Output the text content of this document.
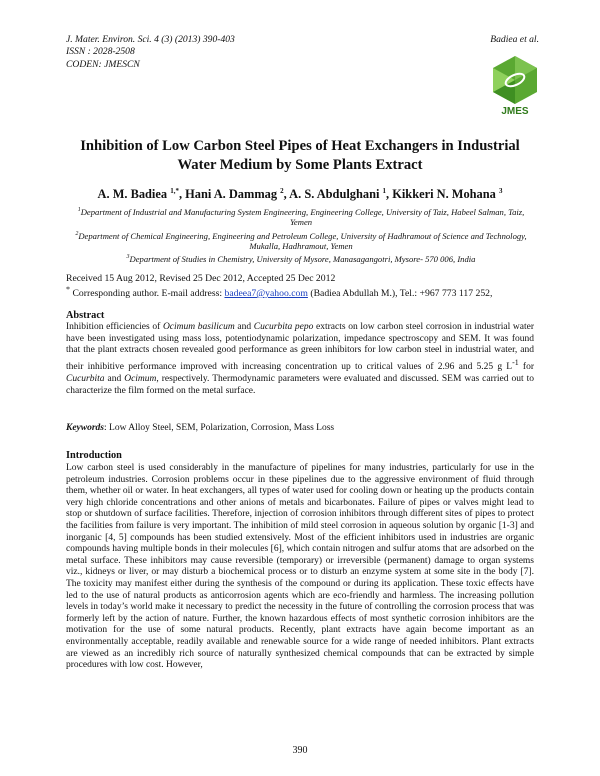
J. Mater. Environ. Sci. 4 (3) (2013) 390-403
ISSN : 2028-2508
CODEN: JMESCN
Badiea et al.
JMES
Inhibition of Low Carbon Steel Pipes of Heat Exchangers in Industrial
Water Medium by Some Plants Extract
A. M. Badiea $^{1,*}$, Hani A. Dammag $^2$, A. S. Abdulghani $^1$, Kikkeri N. Mohana $^3$

$^1$Department of Industrial and Manufacturing System Engineering, Engineering College, University of Taiz, Habeel Salman, Taiz, Yemen

$^2$Department of Chemical Engineering, Engineering and Petroleum College, University of Hadhramout of Science and Technology, Mukalla, Hadhramout, Yemen

$^3$Department of Studies in Chemistry, University of Mysore, Manasagangotri, Mysore- 570 006, India

Received 15 Aug 2012, Revised 25 Dec 2012, Accepted 25 Dec 2012
* Corresponding author. E-mail address: badeea7@yahoo.com (Badiea Abdullah M.), Tel.: +967 773 117 252,
Abstract
Inhibition efficiencies of Ocimum basilicum and Cucurbita pepo extracts on low carbon steel corrosion in industrial water have been investigated using mass loss, potentiodynamic polarization, impedance spectroscopy and SEM. It was found that the plant extracts chosen revealed good performance as green inhibitors for low carbon steel in industrial water, and their inhibitive performance improved with increasing concentration up to critical values of 2.96 and 5.25 g $L^{-1}$ for Cucurbita and Ocimum, respectively. Thermodynamic parameters were evaluated and discussed. SEM was carried out to characterize the film formed on the metal surface.
Keywords: Low Alloy Steel, SEM, Polarization, Corrosion, Mass Loss
Introduction
Low carbon steel is used considerably in the manufacture of pipelines for many industries, particularly for use in the petroleum industries. Corrosion problems occur in these pipelines due to the aggressive environment of fluid through them, whether oil or water. In heat exchangers, all types of water used for cooling down or heating up the products contain very high chloride concentrations and other anions of metals and bicarbonates. Failure of pipes or valves might lead to stop or shutdown of surface facilities. Therefore, injection of corrosion inhibitors through different sites of pipes to protect the facilities from failure is very important. The inhibition of mild steel corrosion in aqueous solution by organic [1-3] and inorganic [4, 5] compounds has been studied extensively. Most of the efficient inhibitors used in industries are organic compounds having multiple bonds in their molecules [6], which contain nitrogen and sulfur atoms that are adsorbed on the metal surface. These inhibitors may cause reversible (temporary) or irreversible (permanent) damage to organ systems viz., kidneys or liver, or may disturb a biochemical process or to disturb an enzyme system at some site in the body [7]. The toxicity may manifest either during the synthesis of the compound or during its application. These toxic effects have led to the use of natural products as anticorrosion agents which are eco-friendly and harmless. The increasing pollution levels in today’s world make it necessary to predict the necessity in the future of controlling the corrosion process that was formerly left by the action of nature. Further, the known hazardous effects of most synthetic corrosion inhibitors are the motivation for the use of some natural products. Recently, plant extracts have again become important as an environmentally acceptable, readily available and renewable source for a wide range of needed inhibitors. Plant extracts are viewed as an incredibly rich source of naturally synthesized chemical compounds that can be extracted by simple procedures with low cost. However,
390
